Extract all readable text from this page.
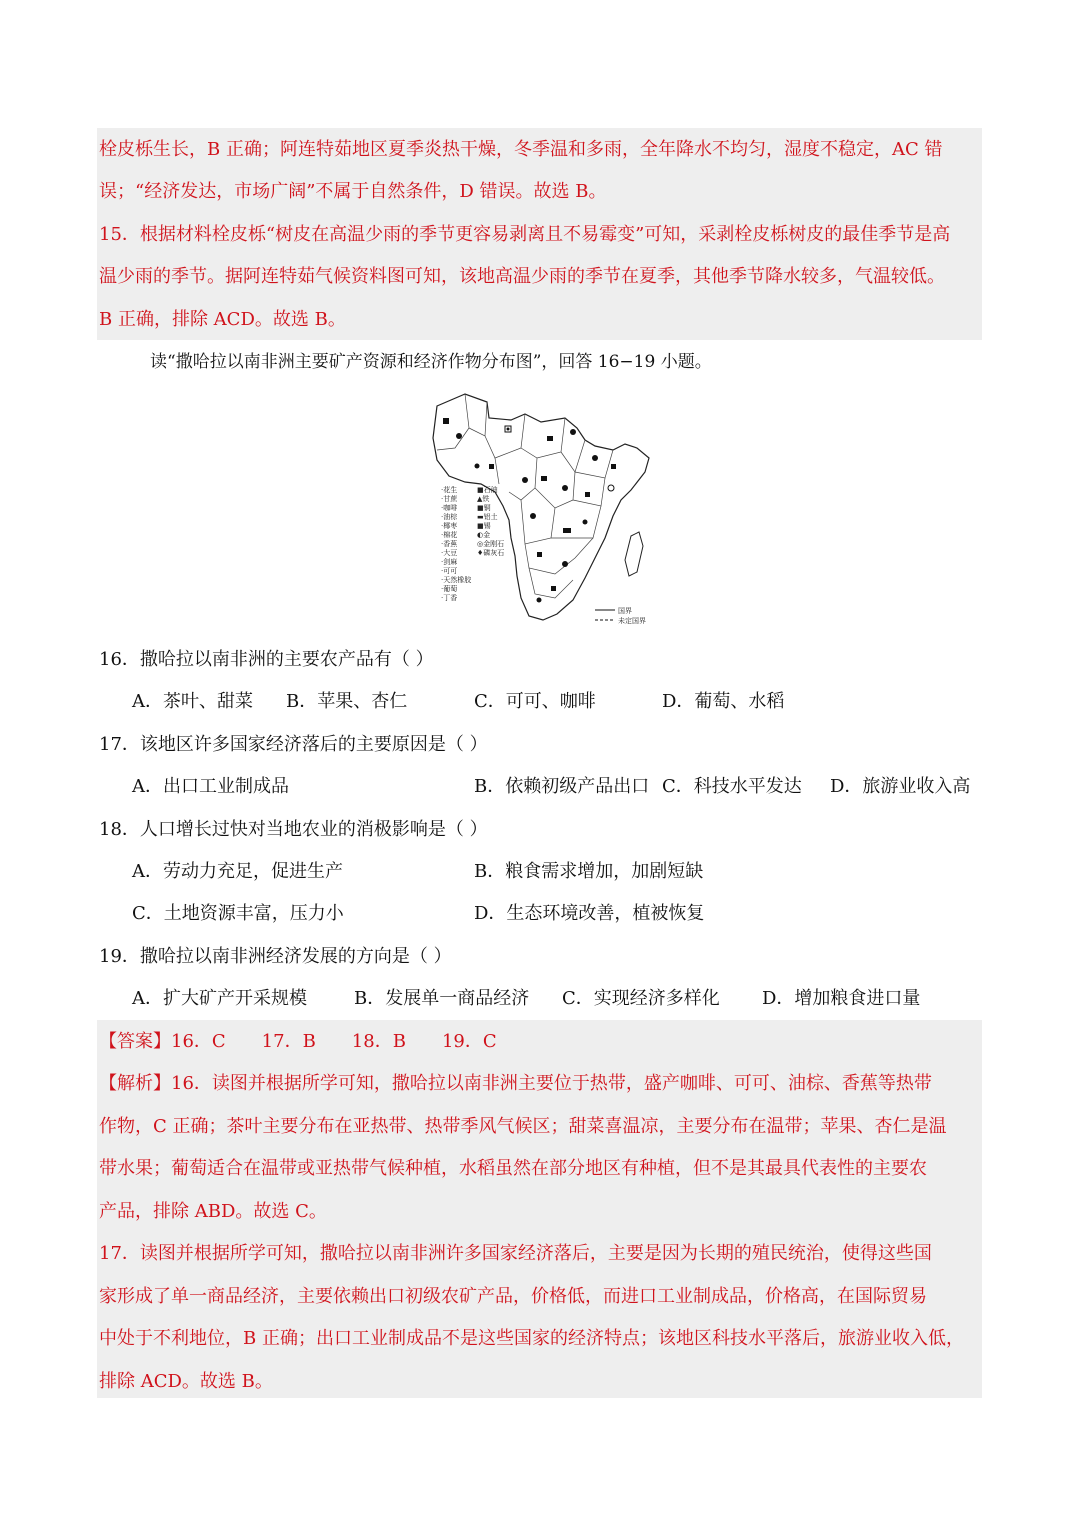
栓皮栎生长，B 正确；阿连特茹地区夏季炎热干燥，冬季温和多雨，全年降水不均匀，湿度不稳定，AC 错
误；“经济发达，市场广阔”不属于自然条件，D 错误。故选 B。
15．根据材料栓皮栎“树皮在高温少雨的季节更容易剥离且不易霉变”可知，采剥栓皮栎树皮的最佳季节是高
温少雨的季节。据阿连特茹气候资料图可知，该地高温少雨的季节在夏季，其他季节降水较多，气温较低。
B 正确，排除 ACD。故选 B。
读“撒哈拉以南非洲主要矿产资源和经济作物分布图”，回答 16−19 小题。
·花生
·甘蔗
·咖啡
·油棕
·椰枣
·棉花
·香蕉
·大豆
·剑麻
·可可
·天然橡胶
·葡萄
·丁香
■石油
▲铁
■铜
▬铝土
■锡
◐金
◎金刚石
♦磷灰石
国界
未定国界
16．撒哈拉以南非洲的主要农产品有（ ）
A．茶叶、甜菜 B．苹果、杏仁	C．可可、咖啡	D．葡萄、水稻
17．该地区许多国家经济落后的主要原因是（ ）
A．出口工业制成品	B．依赖初级产品出口 C．科技水平发达 D．旅游业收入高
18．人口增长过快对当地农业的消极影响是（ ）
A．劳动力充足，促进生产	B．粮食需求增加，加剧短缺
C．土地资源丰富，压力小	D．生态环境改善，植被恢复
19．撒哈拉以南非洲经济发展的方向是（ ）
A．扩大矿产开采规模	B．发展单一商品经济 C．实现经济多样化 D．增加粮食进口量
【答案】16．C　　17．B　　18．B　　19．C
【解析】16．读图并根据所学可知，撒哈拉以南非洲主要位于热带，盛产咖啡、可可、油棕、香蕉等热带
作物，C 正确；茶叶主要分布在亚热带、热带季风气候区；甜菜喜温凉，主要分布在温带；苹果、杏仁是温
带水果；葡萄适合在温带或亚热带气候种植，水稻虽然在部分地区有种植，但不是其最具代表性的主要农
产品，排除 ABD。故选 C。
17．读图并根据所学可知，撒哈拉以南非洲许多国家经济落后，主要是因为长期的殖民统治，使得这些国
家形成了单一商品经济，主要依赖出口初级农矿产品，价格低，而进口工业制成品，价格高，在国际贸易
中处于不利地位，B 正确；出口工业制成品不是这些国家的经济特点；该地区科技水平落后，旅游业收入低，
排除 ACD。故选 B。
